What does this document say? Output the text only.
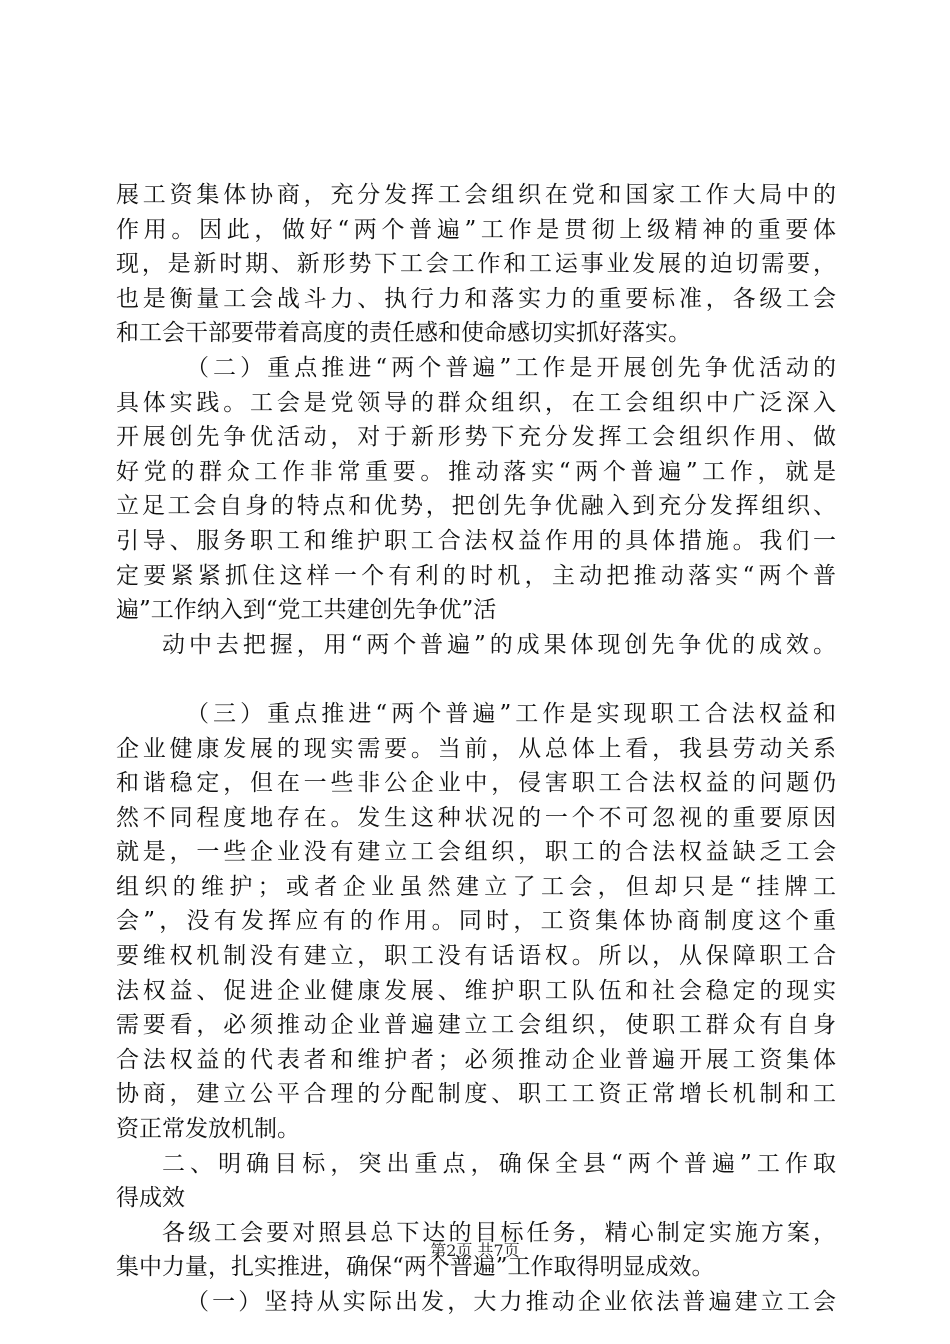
展工资集体协商，充分发挥工会组织在党和国家工作大局中的
作用。因此，做好“两个普遍”工作是贯彻上级精神的重要体
现，是新时期、新形势下工会工作和工运事业发展的迫切需要，
也是衡量工会战斗力、执行力和落实力的重要标准，各级工会
和工会干部要带着高度的责任感和使命感切实抓好落实。
（二）重点推进“两个普遍”工作是开展创先争优活动的
具体实践。工会是党领导的群众组织，在工会组织中广泛深入
开展创先争优活动，对于新形势下充分发挥工会组织作用、做
好党的群众工作非常重要。推动落实“两个普遍”工作，就是
立足工会自身的特点和优势，把创先争优融入到充分发挥组织、
引导、服务职工和维护职工合法权益作用的具体措施。我们一
定要紧紧抓住这样一个有利的时机，主动把推动落实“两个普
遍”工作纳入到“党工共建创先争优”活
动中去把握，用“两个普遍”的成果体现创先争优的成效。
（三）重点推进“两个普遍”工作是实现职工合法权益和
企业健康发展的现实需要。当前，从总体上看，我县劳动关系
和谐稳定，但在一些非公企业中，侵害职工合法权益的问题仍
然不同程度地存在。发生这种状况的一个不可忽视的重要原因
就是，一些企业没有建立工会组织，职工的合法权益缺乏工会
组织的维护；或者企业虽然建立了工会，但却只是“挂牌工
会”，没有发挥应有的作用。同时，工资集体协商制度这个重
要维权机制没有建立，职工没有话语权。所以，从保障职工合
法权益、促进企业健康发展、维护职工队伍和社会稳定的现实
需要看，必须推动企业普遍建立工会组织，使职工群众有自身
合法权益的代表者和维护者；必须推动企业普遍开展工资集体
协商，建立公平合理的分配制度、职工工资正常增长机制和工
资正常发放机制。
二、明确目标，突出重点，确保全县“两个普遍”工作取
得成效
各级工会要对照县总下达的目标任务，精心制定实施方案，
集中力量，扎实推进，确保“两个普遍”工作取得明显成效。
（一）坚持从实际出发，大力推动企业依法普遍建立工会
第2页 共7页
